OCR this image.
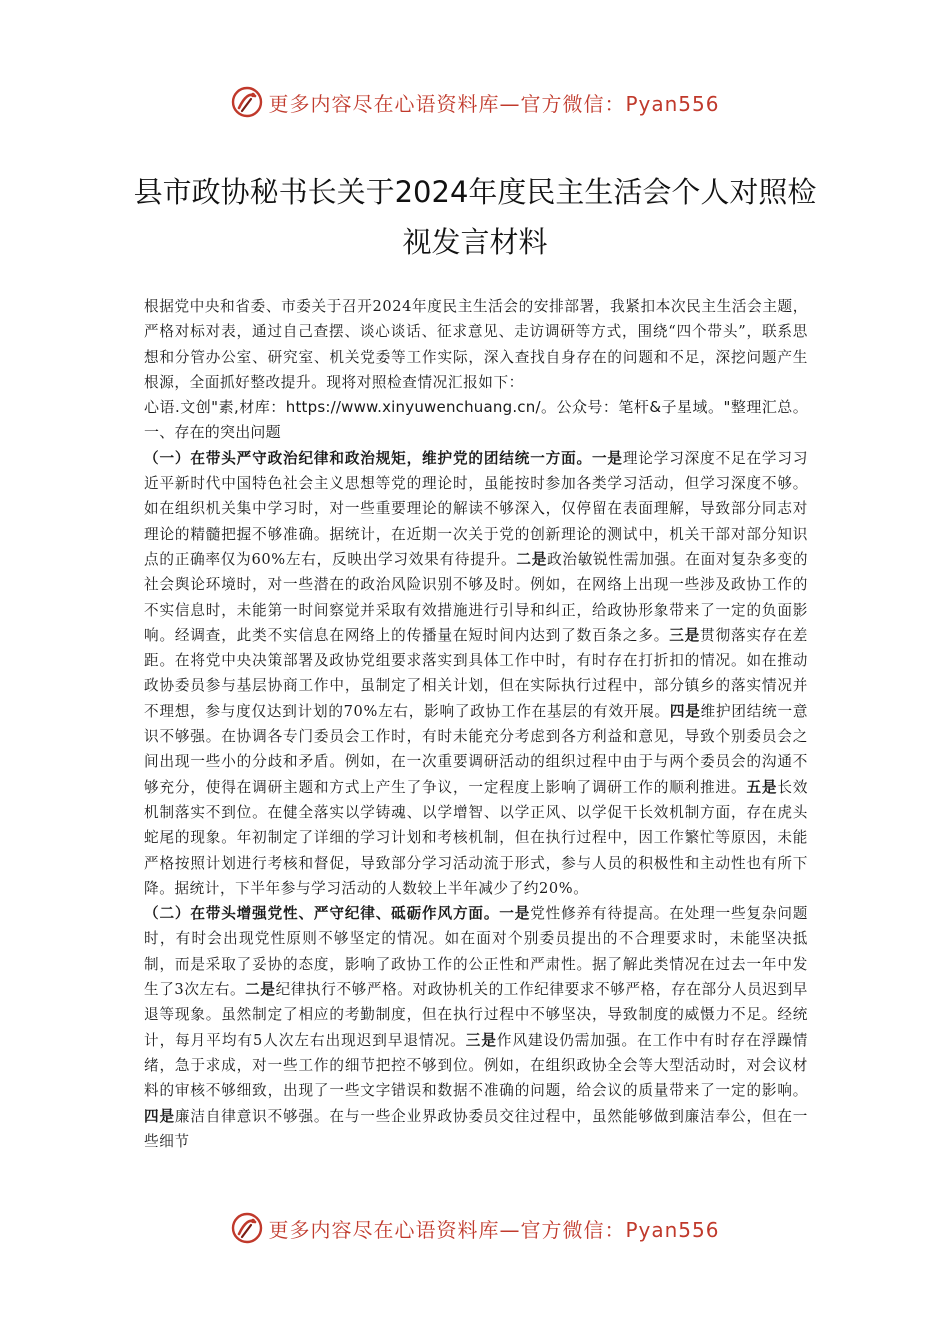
更多内容尽在心语资料库—官方微信：Pyan556
县市政协秘书长关于2024年度民主生活会个人对照检视发言材料

根据党中央和省委、市委关于召开2024年度民主生活会的安排部署，我紧扣本次民主生活会主题，严格对标对表，通过自己查摆、谈心谈话、征求意见、走访调研等方式，围绕“四个带头”，联系思想和分管办公室、研究室、机关党委等工作实际，深入查找自身存在的问题和不足，深挖问题产生根源，全面抓好整改提升。现将对照检查情况汇报如下：

心语.文创"素,材库：https://www.xinyuwenchuang.cn/。公众号：笔杆&子星域。"整理汇总。一、存在的突出问题

（一）在带头严守政治纪律和政治规矩，维护党的团结统一方面。一是理论学习深度不足在学习习近平新时代中国特色社会主义思想等党的理论时，虽能按时参加各类学习活动，但学习深度不够。如在组织机关集中学习时，对一些重要理论的解读不够深入，仅停留在表面理解，导致部分同志对理论的精髓把握不够准确。据统计，在近期一次关于党的创新理论的测试中，机关干部对部分知识点的正确率仅为60%左右，反映出学习效果有待提升。二是政治敏锐性需加强。在面对复杂多变的社会舆论环境时，对一些潜在的政治风险识别不够及时。例如，在网络上出现一些涉及政协工作的不实信息时，未能第一时间察觉并采取有效措施进行引导和纠正，给政协形象带来了一定的负面影响。经调查，此类不实信息在网络上的传播量在短时间内达到了数百条之多。三是贯彻落实存在差距。在将党中央决策部署及政协党组要求落实到具体工作中时，有时存在打折扣的情况。如在推动政协委员参与基层协商工作中，虽制定了相关计划，但在实际执行过程中，部分镇乡的落实情况并不理想，参与度仅达到计划的70%左右，影响了政协工作在基层的有效开展。四是维护团结统一意识不够强。在协调各专门委员会工作时，有时未能充分考虑到各方利益和意见，导致个别委员会之间出现一些小的分歧和矛盾。例如，在一次重要调研活动的组织过程中由于与两个委员会的沟通不够充分，使得在调研主题和方式上产生了争议，一定程度上影响了调研工作的顺利推进。五是长效机制落实不到位。在健全落实以学铸魂、以学增智、以学正风、以学促干长效机制方面，存在虎头蛇尾的现象。年初制定了详细的学习计划和考核机制，但在执行过程中，因工作繁忙等原因，未能严格按照计划进行考核和督促，导致部分学习活动流于形式，参与人员的积极性和主动性也有所下降。据统计，下半年参与学习活动的人数较上半年减少了约20%。

（二）在带头增强党性、严守纪律、砥砺作风方面。一是党性修养有待提高。在处理一些复杂问题时，有时会出现党性原则不够坚定的情况。如在面对个别委员提出的不合理要求时，未能坚决抵制，而是采取了妥协的态度，影响了政协工作的公正性和严肃性。据了解此类情况在过去一年中发生了3次左右。二是纪律执行不够严格。对政协机关的工作纪律要求不够严格，存在部分人员迟到早退等现象。虽然制定了相应的考勤制度，但在执行过程中不够坚决，导致制度的威慑力不足。经统计，每月平均有5人次左右出现迟到早退情况。三是作风建设仍需加强。在工作中有时存在浮躁情绪，急于求成，对一些工作的细节把控不够到位。例如，在组织政协全会等大型活动时，对会议材料的审核不够细致，出现了一些文字错误和数据不准确的问题，给会议的质量带来了一定的影响。四是廉洁自律意识不够强。在与一些企业界政协委员交往过程中，虽然能够做到廉洁奉公，但在一些细节

更多内容尽在心语资料库—官方微信：Pyan556
